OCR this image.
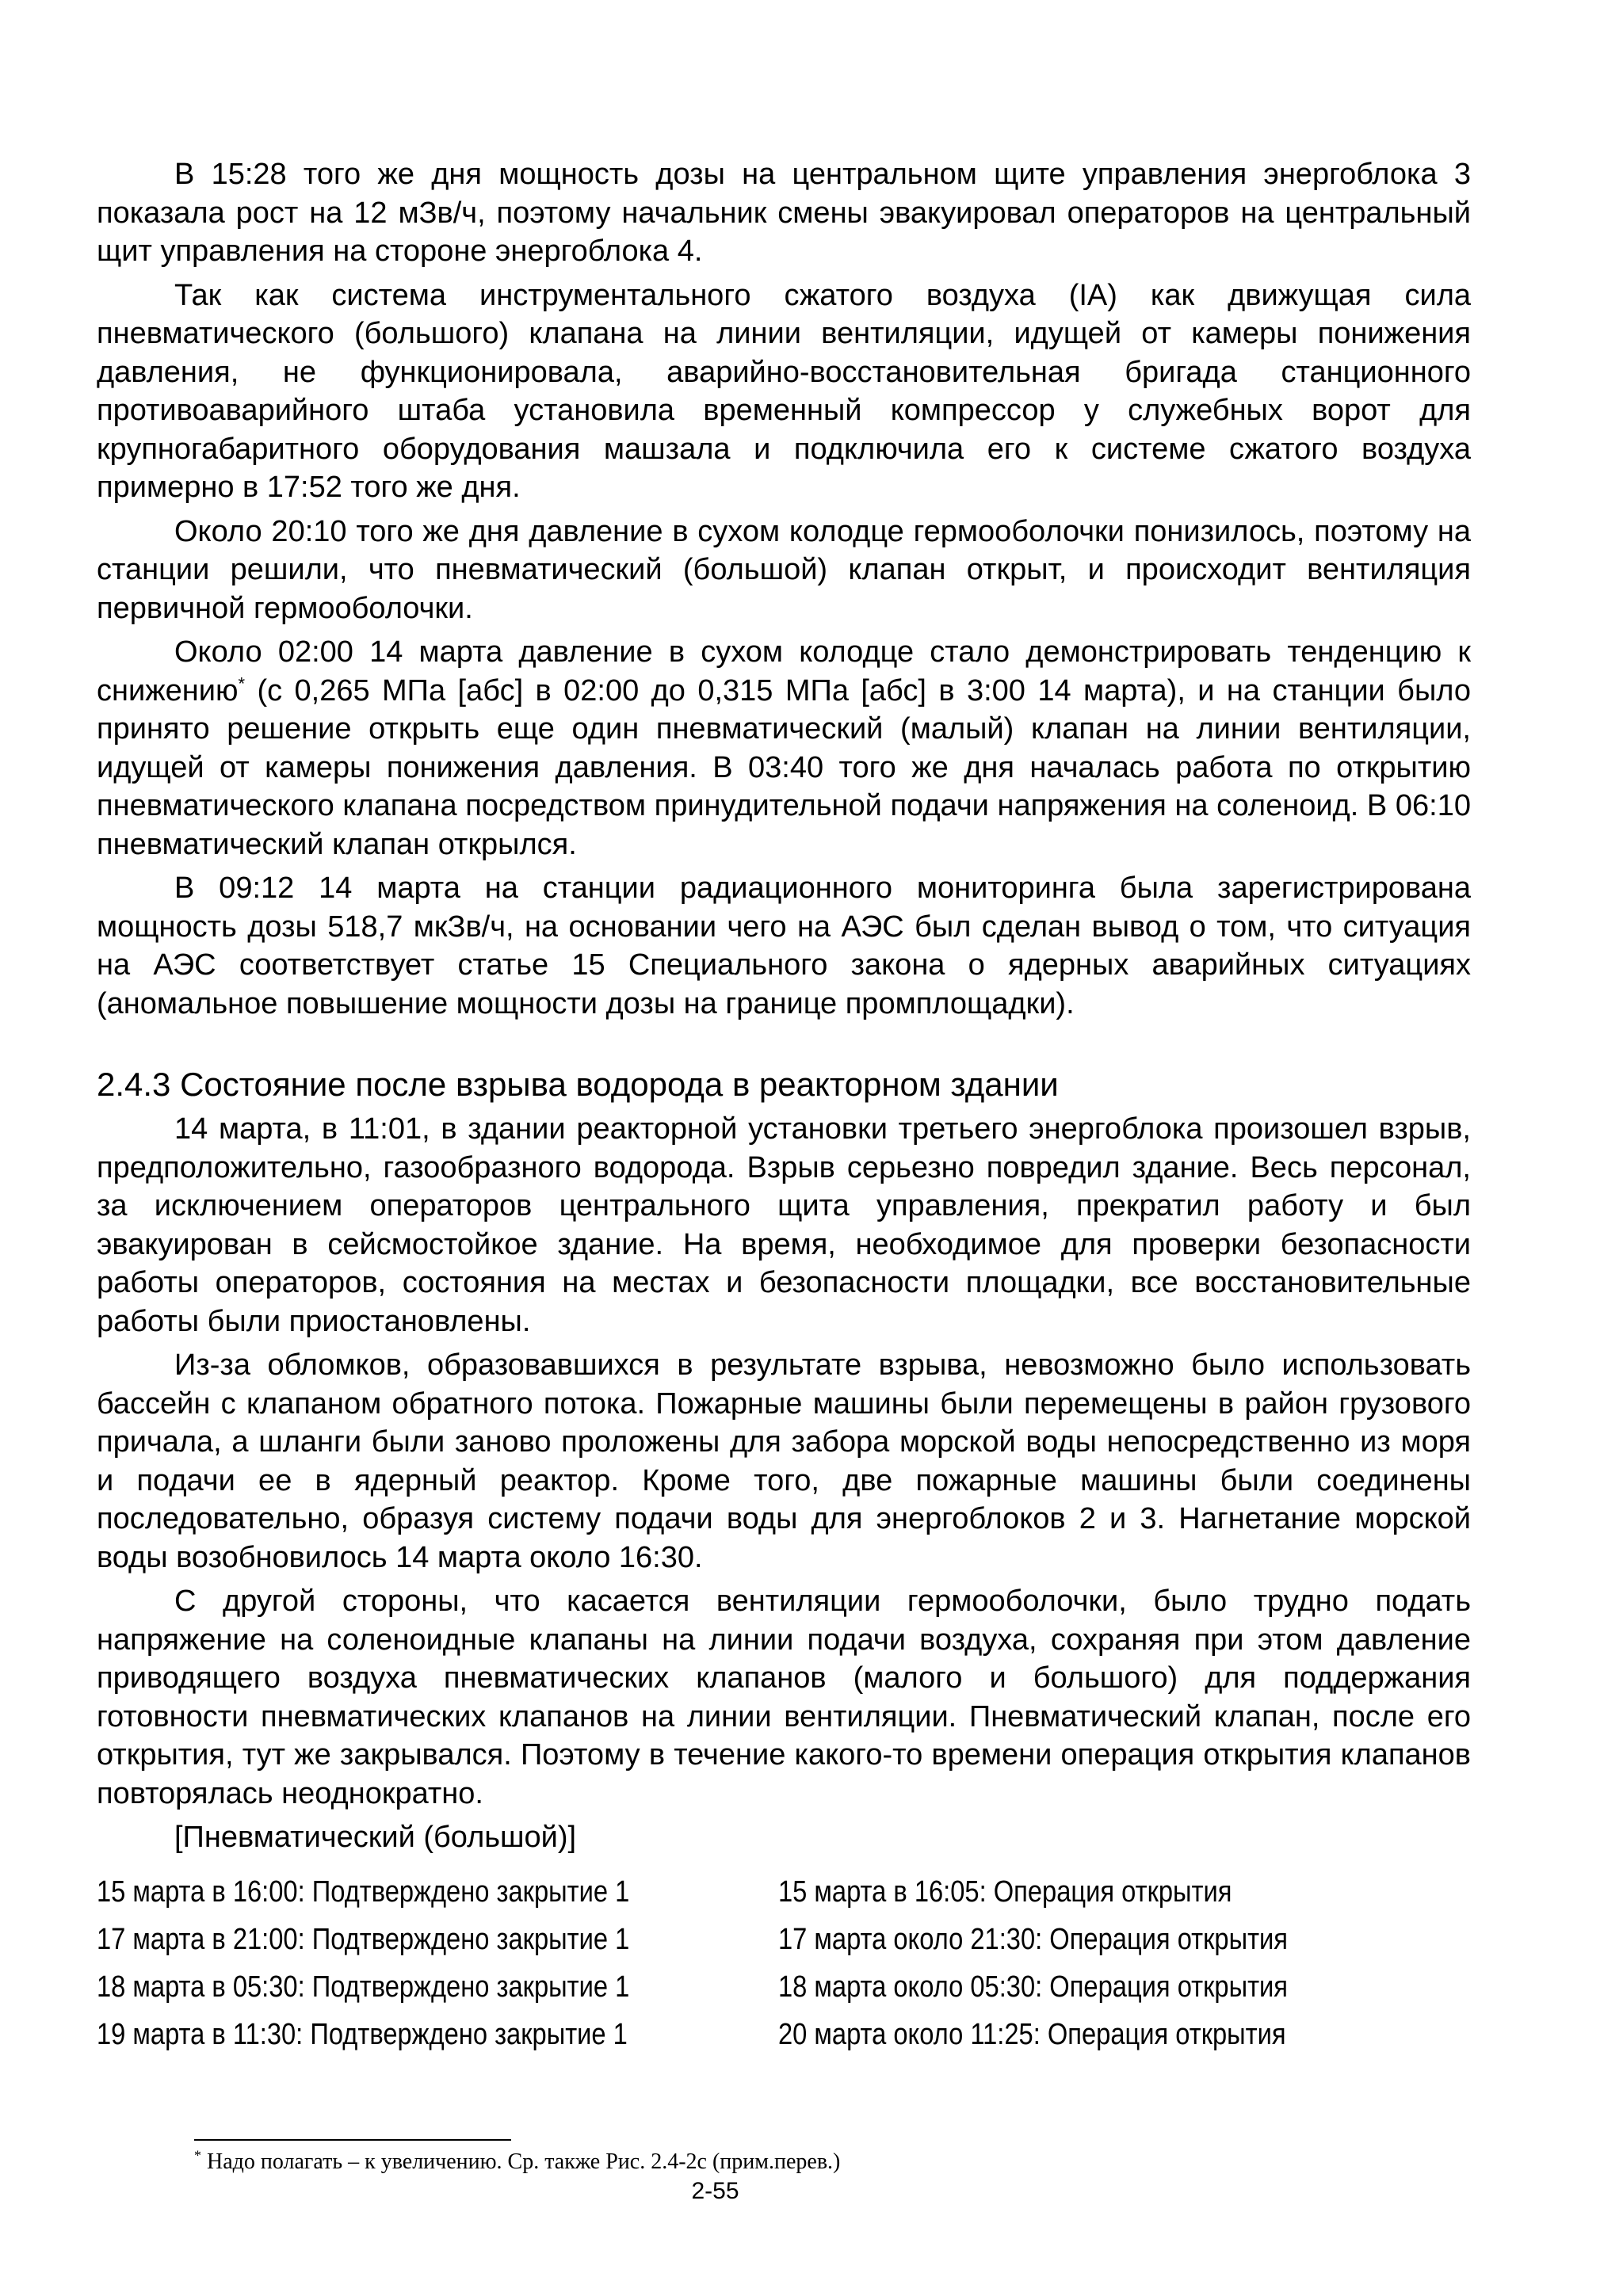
В 15:28 того же дня мощность дозы на центральном щите управления энергоблока 3 показала рост на 12 мЗв/ч, поэтому начальник смены эвакуировал операторов на центральный щит управления на стороне энергоблока 4.

Так как система инструментального сжатого воздуха (IA) как движущая сила пневматического (большого) клапана на линии вентиляции, идущей от камеры понижения давления, не функционировала, аварийно-восстановительная бригада станционного противоаварийного штаба установила временный компрессор у служебных ворот для крупногабаритного оборудования машзала и подключила его к системе сжатого воздуха примерно в 17:52 того же дня.

Около 20:10 того же дня давление в сухом колодце гермооболочки понизилось, поэтому на станции решили, что пневматический (большой) клапан открыт, и происходит вентиляция первичной гермооболочки.

Около 02:00 14 марта давление в сухом колодце стало демонстрировать тенденцию к снижению* (с 0,265 МПа [абс] в 02:00 до 0,315 МПа [абс] в 3:00 14 марта), и на станции было принято решение открыть еще один пневматический (малый) клапан на линии вентиляции, идущей от камеры понижения давления. В 03:40 того же дня началась работа по открытию пневматического клапана посредством принудительной подачи напряжения на соленоид. В 06:10 пневматический клапан открылся.

В 09:12 14 марта на станции радиационного мониторинга была зарегистрирована мощность дозы 518,7 мкЗв/ч, на основании чего на АЭС был сделан вывод о том, что ситуация на АЭС соответствует статье 15 Специального закона о ядерных аварийных ситуациях (аномальное повышение мощности дозы на границе промплощадки).

2.4.3 Состояние после взрыва водорода в реакторном здании

14 марта, в 11:01, в здании реакторной установки третьего энергоблока произошел взрыв, предположительно, газообразного водорода. Взрыв серьезно повредил здание. Весь персонал, за исключением операторов центрального щита управления, прекратил работу и был эвакуирован в сейсмостойкое здание. На время, необходимое для проверки безопасности работы операторов, состояния на местах и безопасности площадки, все восстановительные работы были приостановлены.

Из-за обломков, образовавшихся в результате взрыва, невозможно было использовать бассейн с клапаном обратного потока. Пожарные машины были перемещены в район грузового причала, а шланги были заново проложены для забора морской воды непосредственно из моря и подачи ее в ядерный реактор. Кроме того, две пожарные машины были соединены последовательно, образуя систему подачи воды для энергоблоков 2 и 3. Нагнетание морской воды возобновилось 14 марта около 16:30.

С другой стороны, что касается вентиляции гермооболочки, было трудно подать напряжение на соленоидные клапаны на линии подачи воздуха, сохраняя при этом давление приводящего воздуха пневматических клапанов (малого и большого) для поддержания готовности пневматических клапанов на линии вентиляции. Пневматический клапан, после его открытия, тут же закрывался. Поэтому в течение какого-то времени операция открытия клапанов повторялась неоднократно.

[Пневматический (большой)]

15 марта в 16:00: Подтверждено закрытие 1	15 марта в 16:05: Операция открытия
17 марта в 21:00: Подтверждено закрытие 1	17 марта около 21:30: Операция открытия
18 марта в 05:30: Подтверждено закрытие 1	18 марта около 05:30: Операция открытия
19 марта в 11:30: Подтверждено закрытие 1	20 марта около 11:25: Операция открытия
* Надо полагать – к увеличению. Ср. также Рис. 2.4-2c (прим.перев.)
2-55
